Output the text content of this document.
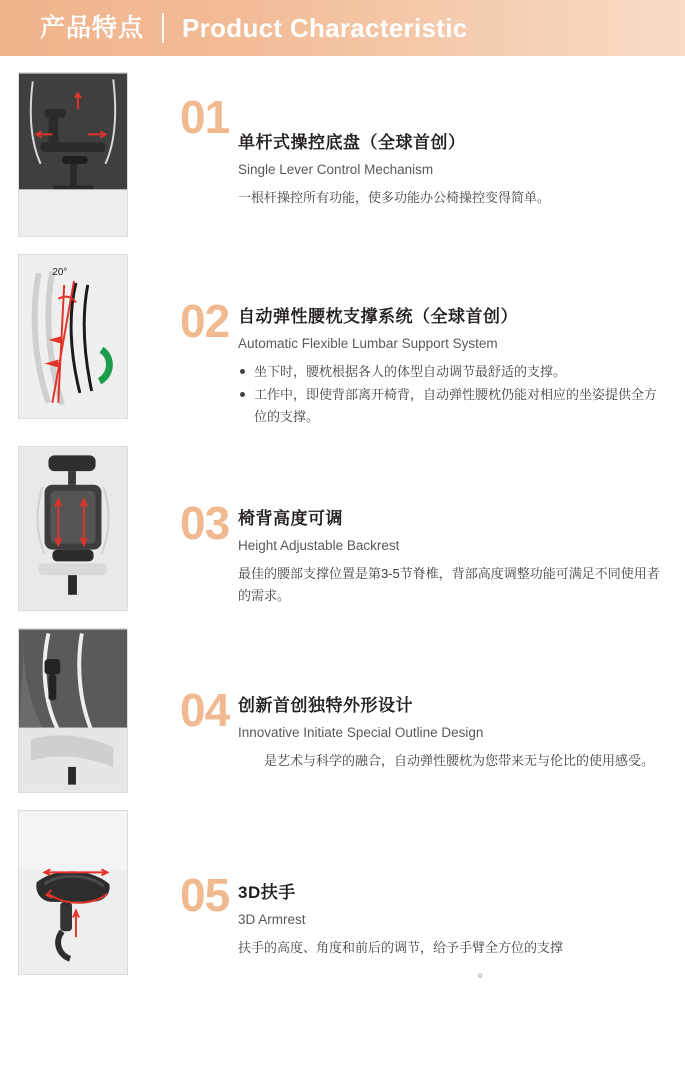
产品特点 Product Characteristic
01 单杆式操控底盘（全球首创）
Single Lever Control Mechanism
一根杆操控所有功能，使多功能办公椅操控变得简单。
20°
02 自动弹性腰枕支撑系统（全球首创）
Automatic Flexible Lumbar Support System
坐下时，腰枕根据各人的体型自动调节最舒适的支撑。
工作中，即使背部离开椅背，自动弹性腰枕仍能对相应的坐姿提供全方位的支撑。
03 椅背高度可调
Height Adjustable Backrest
最佳的腰部支撑位置是第3-5节脊椎，背部高度调整功能可满足不同使用者的需求。
04 创新首创独特外形设计
Innovative Initiate Special Outline Design
是艺术与科学的融合，自动弹性腰枕为您带来无与伦比的使用感受。
05 3D扶手
3D Armrest
扶手的高度、角度和前后的调节，给予手臂全方位的支撑
。
